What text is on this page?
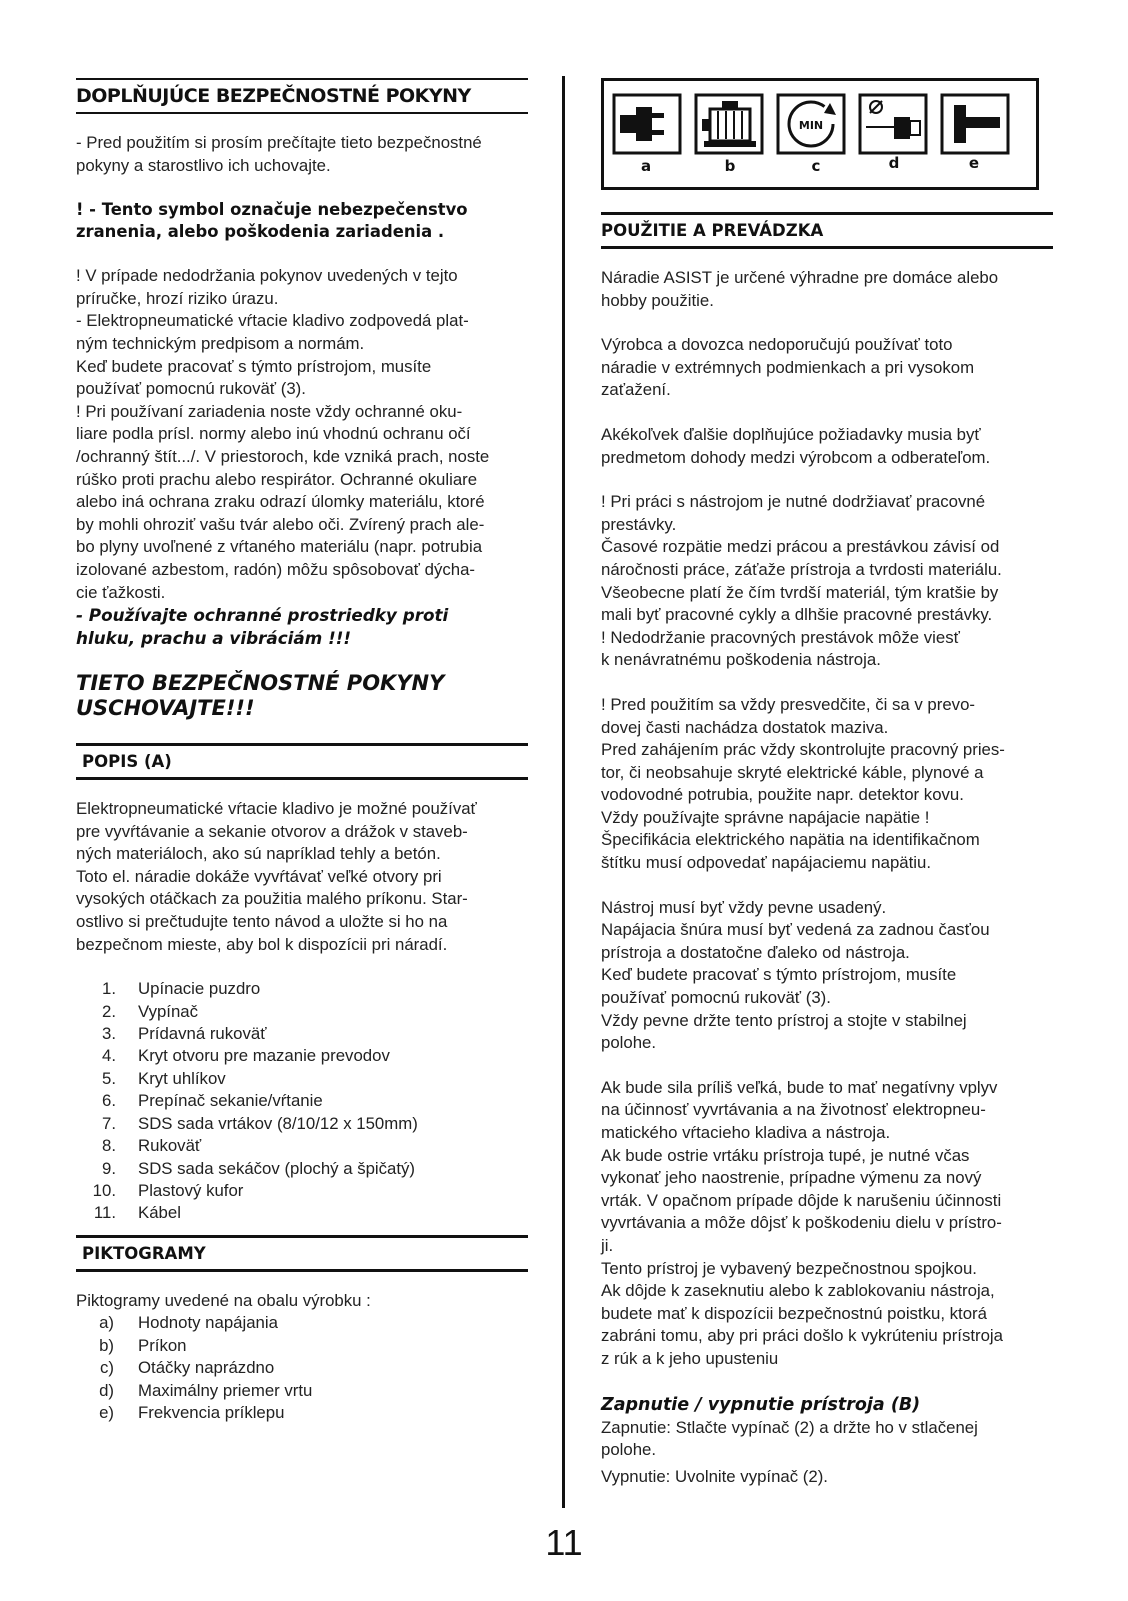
DOPLŇUJÚCE BEZPEČNOSTNÉ POKYNY

- Pred použitím si prosím prečítajte tieto bezpečnostné
pokyny a starostlivo ich uchovajte.

! - Tento symbol označuje nebezpečenstvo
zranenia, alebo poškodenia zariadenia .

! V prípade nedodržania pokynov uvedených v tejto
príručke, hrozí riziko úrazu.
- Elektropneumatické vŕtacie kladivo zodpovedá plat-
ným technickým predpisom a normám.
Keď budete pracovať s týmto prístrojom, musíte
používať pomocnú rukoväť (3).
! Pri používaní zariadenia noste vždy ochranné oku-
liare podla prísl. normy alebo inú vhodnú ochranu očí
/ochranný štít.../. V priestoroch, kde vzniká prach, noste
rúško proti prachu alebo respirátor. Ochranné okuliare
alebo iná ochrana zraku odrazí úlomky materiálu, ktoré
by mohli ohroziť vašu tvár alebo oči. Zvírený prach ale-
bo plyny uvoľnené z vŕtaného materiálu (napr. potrubia
izolované azbestom, radón) môžu spôsobovať dýcha-
cie ťažkosti.

- Používajte ochranné prostriedky proti
hluku, prachu a vibráciám !!!
TIETO BEZPEČNOSTNÉ POKYNY
USCHOVAJTE!!!
POPIS (A)

Elektropneumatické vŕtacie kladivo je možné používať
pre vyvŕtávanie a sekanie otvorov a drážok v staveb-
ných materiáloch, ako sú napríklad tehly a betón.
Toto el. náradie dokáže vyvŕtávať veľké otvory pri
vysokých otáčkach za použitia malého príkonu. Star-
ostlivo si prečtudujte tento návod a uložte si ho na
bezpečnom mieste, aby bol k dispozícii pri náradí.

1.	Upínacie puzdro
2.	Vypínač
3.	Prídavná rukoväť
4.	Kryt otvoru pre mazanie prevodov
5.	Kryt uhlíkov
6.	Prepínač sekanie/vŕtanie
7.	SDS sada vrtákov (8/10/12 x 150mm)
8.	Rukoväť
9.	SDS sada sekáčov (plochý a špičatý)
10.	Plastový kufor
11.	Kábel
PIKTOGRAMY

Piktogramy uvedené na obalu výrobku :

a)	Hodnoty napájania
b)	Príkon
c)	Otáčky naprázdno
d)	Maximálny priemer vrtu
e)	Frekvencia príklepu
MIN
a	b	c	d	e
POUŽITIE A PREVÁDZKA

Náradie ASIST je určené výhradne pre domáce alebo
hobby použitie.

Výrobca a dovozca nedoporučujú používať toto
náradie v extrémnych podmienkach a pri vysokom
zaťažení.

Akékoľvek ďalšie doplňujúce požiadavky musia byť
predmetom dohody medzi výrobcom a odberateľom.

! Pri práci s nástrojom je nutné dodržiavať pracovné
prestávky.
Časové rozpätie medzi prácou a prestávkou závisí od
náročnosti práce, záťaže prístroja a tvrdosti materiálu.
Všeobecne platí že čím tvrdší materiál, tým kratšie by
mali byť pracovné cykly a dlhšie pracovné prestávky.
! Nedodržanie pracovných prestávok môže viesť
k nenávratnému poškodenia nástroja.

! Pred použitím sa vždy presvedčite, či sa v prevo-
dovej časti nachádza dostatok maziva.
Pred zahájením prác vždy skontrolujte pracovný pries-
tor, či neobsahuje skryté elektrické káble, plynové a
vodovodné potrubia, použite napr. detektor kovu.
Vždy používajte správne napájacie napätie !
Špecifikácia elektrického napätia na identifikačnom
štítku musí odpovedať napájaciemu napätiu.

Nástroj musí byť vždy pevne usadený.
Napájacia šnúra musí byť vedená za zadnou časťou
prístroja a dostatočne ďaleko od nástroja.
Keď budete pracovať s týmto prístrojom, musíte
používať pomocnú rukoväť (3).
Vždy pevne držte tento prístroj a stojte v stabilnej
polohe.

Ak bude sila príliš veľká, bude to mať negatívny vplyv
na účinnosť vyvrtávania a na životnosť elektropneu-
matického vŕtacieho kladiva a nástroja.
Ak bude ostrie vrtáku prístroja tupé, je nutné včas
vykonať jeho naostrenie, prípadne výmenu za nový
vrták. V opačnom prípade dôjde k narušeniu účinnosti
vyvrtávania a môže dôjsť k poškodeniu dielu v prístro-
ji.
Tento prístroj je vybavený bezpečnostnou spojkou.
Ak dôjde k zaseknutiu alebo k zablokovaniu nástroja,
budete mať k dispozícii bezpečnostnú poistku, ktorá
zabráni tomu, aby pri práci došlo k vykrúteniu prístroja
z rúk a k jeho upusteniu

Zapnutie / vypnutie prístroja (B)

Zapnutie: Stlačte vypínač (2) a držte ho v stlačenej
polohe.

Vypnutie: Uvolnite vypínač (2).

11
